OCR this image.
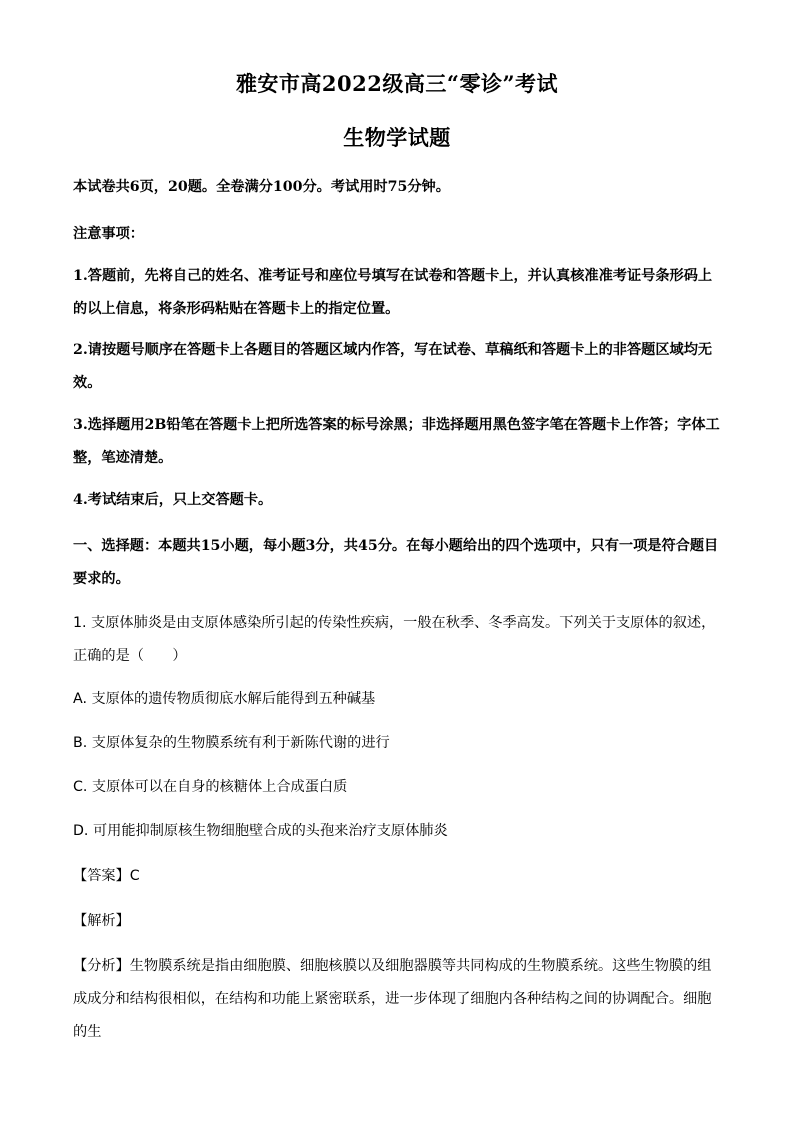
雅安市高2022级高三“零诊”考试
生物学试题
本试卷共6页，20题。全卷满分100分。考试用时75分钟。
注意事项：
1.答题前，先将自己的姓名、准考证号和座位号填写在试卷和答题卡上，并认真核准准考证号条形码上的以上信息，将条形码粘贴在答题卡上的指定位置。
2.请按题号顺序在答题卡上各题目的答题区域内作答，写在试卷、草稿纸和答题卡上的非答题区域均无效。
3.选择题用2B铅笔在答题卡上把所选答案的标号涂黑；非选择题用黑色签字笔在答题卡上作答；字体工整，笔迹清楚。
4.考试结束后，只上交答题卡。
一、选择题：本题共15小题，每小题3分，共45分。在每小题给出的四个选项中，只有一项是符合题目要求的。
1. 支原体肺炎是由支原体感染所引起的传染性疾病，一般在秋季、冬季高发。下列关于支原体的叙述，正确的是（　　）
A. 支原体的遗传物质彻底水解后能得到五种碱基
B. 支原体复杂的生物膜系统有利于新陈代谢的进行
C. 支原体可以在自身的核糖体上合成蛋白质
D. 可用能抑制原核生物细胞壁合成的头孢来治疗支原体肺炎
【答案】C
【解析】
【分析】生物膜系统是指由细胞膜、细胞核膜以及细胞器膜等共同构成的生物膜系统。这些生物膜的组成成分和结构很相似，在结构和功能上紧密联系，进一步体现了细胞内各种结构之间的协调配合。细胞的生
